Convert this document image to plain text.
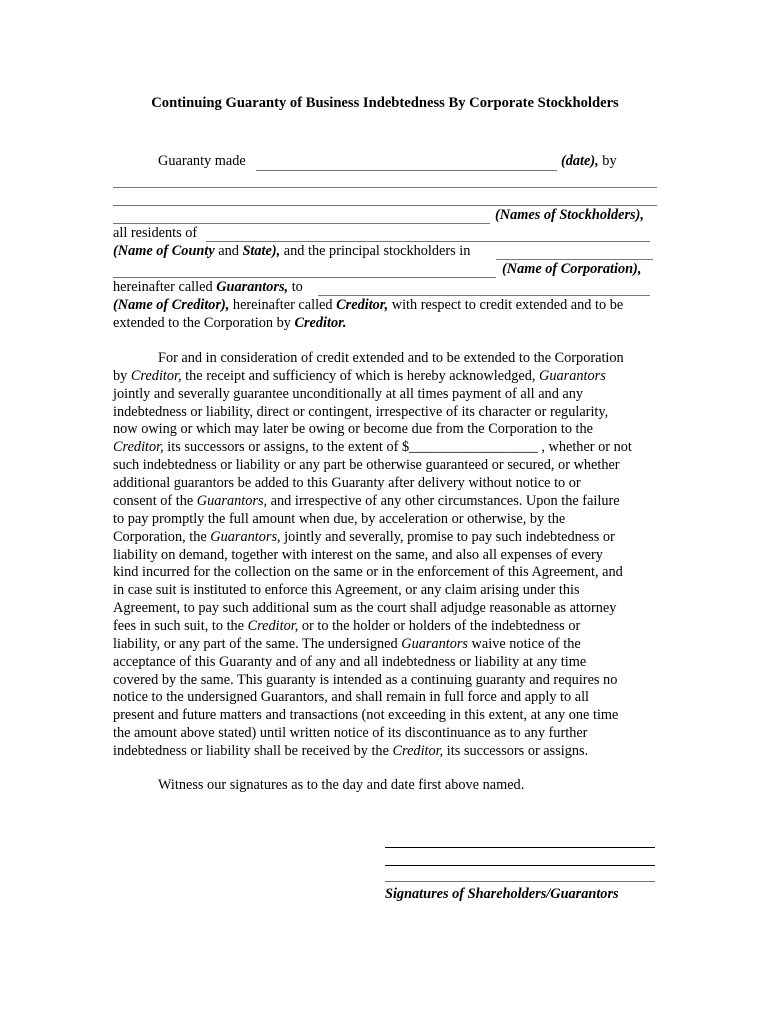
Continuing Guaranty of Business Indebtedness By Corporate Stockholders
Guaranty made	(date), by
(Names of Stockholders),
all residents of
(Name of County and State), and the principal stockholders in
(Name of Corporation),
hereinafter called Guarantors, to
(Name of Creditor), hereinafter called Creditor, with respect to credit extended and to be
extended to the Corporation by Creditor.
For and in consideration of credit extended and to be extended to the Corporation
by Creditor, the receipt and sufficiency of which is hereby acknowledged, Guarantors
jointly and severally guarantee unconditionally at all times payment of all and any
indebtedness or liability, direct or contingent, irrespective of its character or regularity,
now owing or which may later be owing or become due from the Corporation to the
Creditor, its successors or assigns, to the extent of $__________________ , whether or not
such indebtedness or liability or any part be otherwise guaranteed or secured, or whether
additional guarantors be added to this Guaranty after delivery without notice to or
consent of the Guarantors, and irrespective of any other circumstances. Upon the failure
to pay promptly the full amount when due, by acceleration or otherwise, by the
Corporation, the Guarantors, jointly and severally, promise to pay such indebtedness or
liability on demand, together with interest on the same, and also all expenses of every
kind incurred for the collection on the same or in the enforcement of this Agreement, and
in case suit is instituted to enforce this Agreement, or any claim arising under this
Agreement, to pay such additional sum as the court shall adjudge reasonable as attorney
fees in such suit, to the Creditor, or to the holder or holders of the indebtedness or
liability, or any part of the same. The undersigned Guarantors waive notice of the
acceptance of this Guaranty and of any and all indebtedness or liability at any time
covered by the same. This guaranty is intended as a continuing guaranty and requires no
notice to the undersigned Guarantors, and shall remain in full force and apply to all
present and future matters and transactions (not exceeding in this extent, at any one time
the amount above stated) until written notice of its discontinuance as to any further
indebtedness or liability shall be received by the Creditor, its successors or assigns.
Witness our signatures as to the day and date first above named.
Signatures of Shareholders/Guarantors
